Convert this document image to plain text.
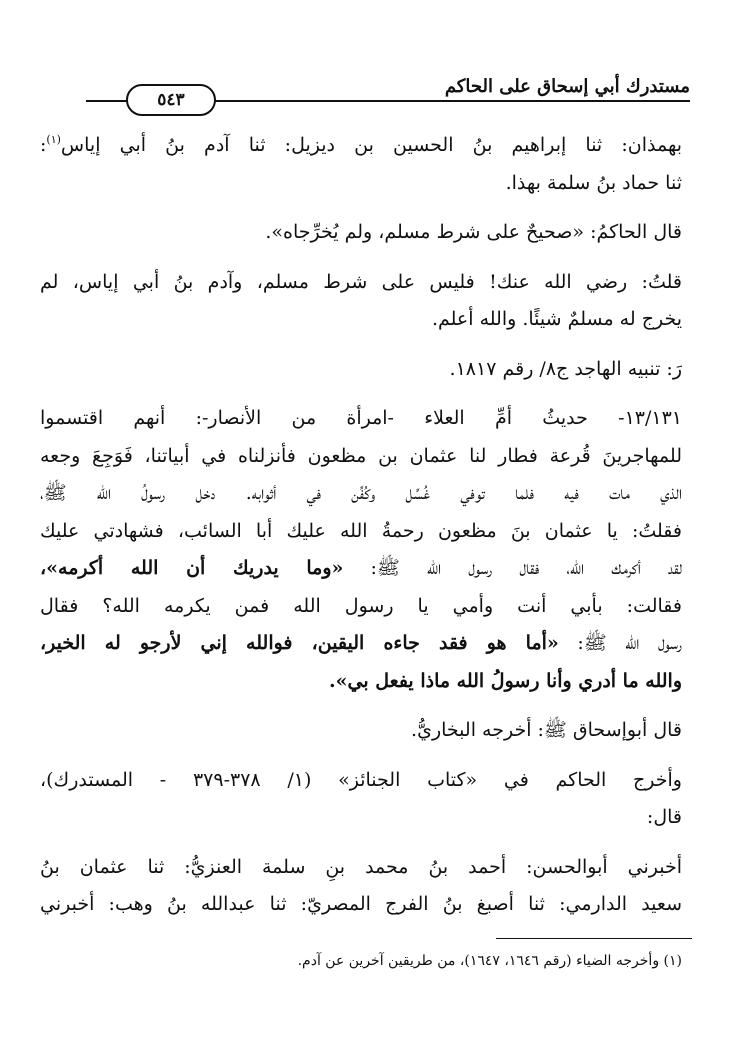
مستدرك أبي إسحاق على الحاكم
٥٤٣
بهمذان: ثنا إبراهيم بنُ الحسين بن ديزيل: ثنا آدم بنُ أبي إياس$^{(١)}$:
ثنا حماد بنُ سلمة بهذا.
قال الحاكمُ: «صحيحٌ على شرط مسلم، ولم يُخرِّجاه».
قلتُ: رضي الله عنك! فليس على شرط مسلم، وآدم بنُ أبي إياس، لم
يخرج له مسلمٌ شيئًا. والله أعلم.
رَ: تنبيه الهاجد ج٨/ رقم ١٨١٧.
١٣/١٣١- حديثُ أمِّ العلاء -امرأة من الأنصار-: أنهم اقتسموا
للمهاجرينَ قُرعة فطار لنا عثمان بن مظعون فأنزلناه في أبياتنا، فَوَجِعَ وجعه
الذي مات فيه فلما توفي غُسِّل وكُفِّن في أثوابه. دخل رسولُ الله ﷺ،
فقلتُ: يا عثمان بنَ مظعون رحمةُ الله عليك أبا السائب، فشهادتي عليك
لقد أكرمك الله، فقال رسول الله ﷺ: «وما يدريك أن الله أكرمه»،
فقالت: بأبي أنت وأمي يا رسول الله فمن يكرمه الله؟ فقال
رسول الله ﷺ: «أما هو فقد جاءه اليقين، فوالله إني لأرجو له الخير،
والله ما أدري وأنا رسولُ الله ماذا يفعل بي».
قال أبوإسحاق ﷺ: أخرجه البخاريُّ.
وأخرج الحاكم في «كتاب الجنائز» (١/ ٣٧٨-٣٧٩ - المستدرك)،
قال:
أخبرني أبوالحسن: أحمد بنُ محمد بنِ سلمة العنزيُّ: ثنا عثمان بنُ
سعيد الدارمي: ثنا أصبغ بنُ الفرج المصريّ: ثنا عبدالله بنُ وهب: أخبرني
(١) وأخرجه الضياء (رقم ١٦٤٦، ١٦٤٧)، من طريقين آخرين عن آدم.
